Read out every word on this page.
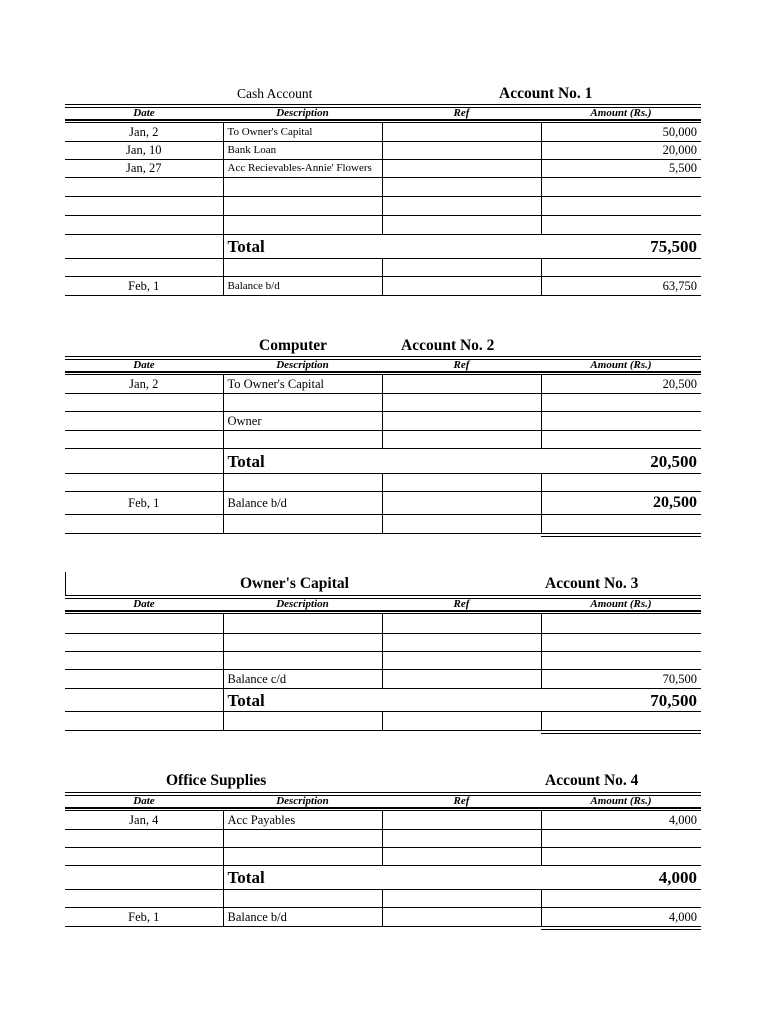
Cash Account	Account No. 1
Date	Description	Ref	Amount (Rs.)
Jan, 2	To Owner's Capital		50,000
Jan, 10	Bank Loan		20,000
Jan, 27	Acc Recievables-Annie' Flowers		5,500

	Total		75,500

Feb, 1	Balance b/d		63,750
Computer	Account No. 2
Date	Description	Ref	Amount (Rs.)
Jan, 2	To Owner's Capital		20,500

	Owner		

	Total		20,500

Feb, 1	Balance b/d		20,500

Owner's Capital	Account No. 3
Date	Description	Ref	Amount (Rs.)

	Balance c/d		70,500
	Total		70,500

Office Supplies	Account No. 4
Date	Description	Ref	Amount (Rs.)
Jan, 4	Acc Payables		4,000

	Total		4,000

Feb, 1	Balance b/d		4,000
